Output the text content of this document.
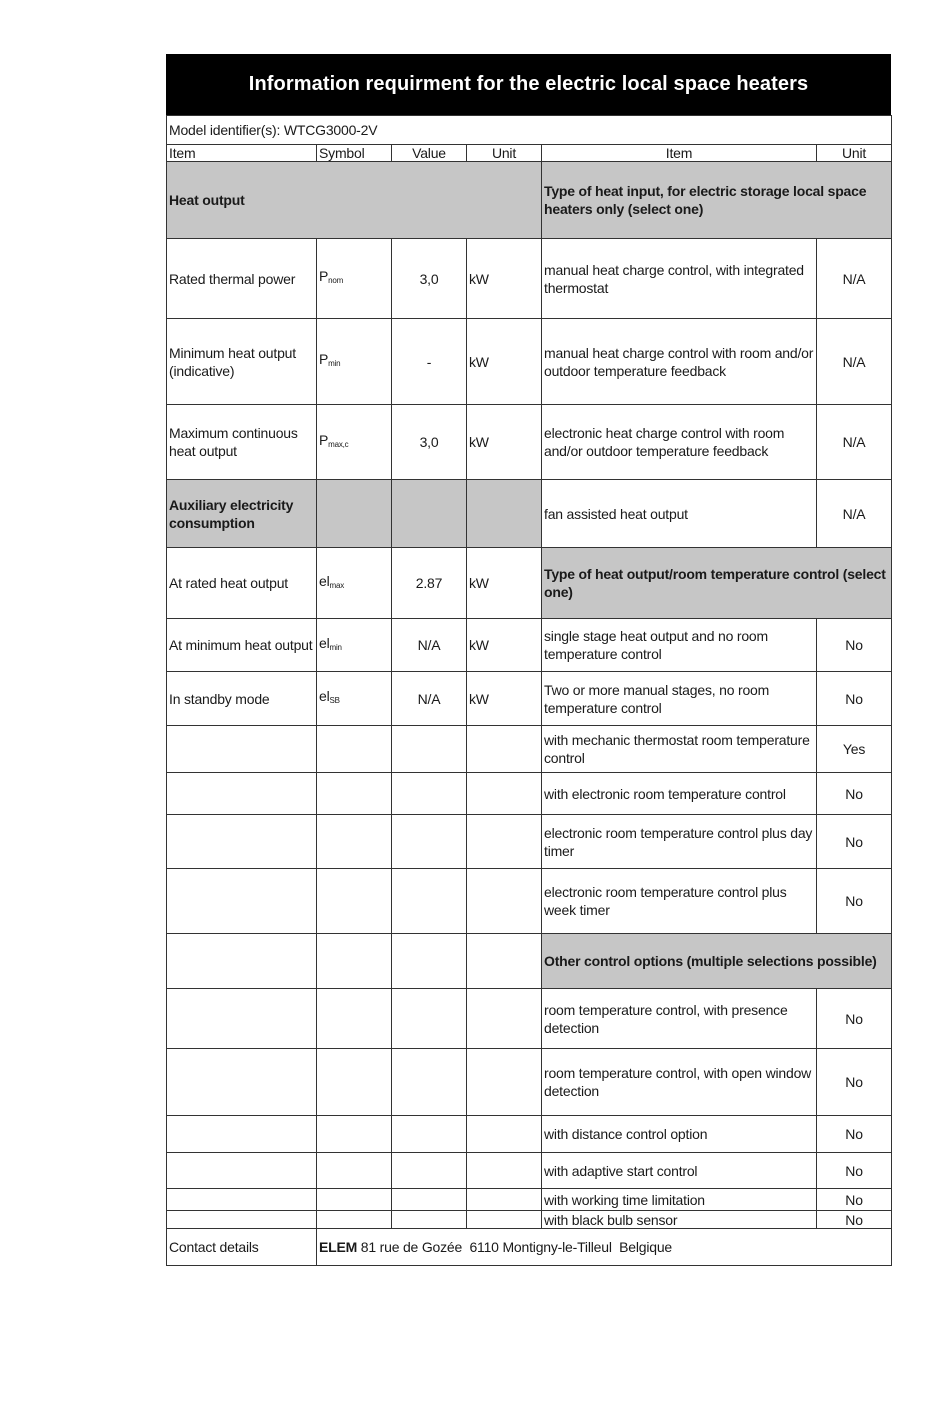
Information requirment for the electric local space heaters
Model identifier(s): WTCG3000-2V					
Item	Symbol	Value	Unit	Item	Unit
Heat output				Type of heat input, for electric storage local space heaters only (select one)	
Rated thermal power	$P_{nom}$	3,0	kW	manual heat charge control, with integrated thermostat	N/A
Minimum heat output (indicative)	$P_{min}$	-	kW	manual heat charge control with room and/or outdoor temperature feedback	N/A
Maximum continuous heat output	$P_{max,c}$	3,0	kW	electronic heat charge control with room and/or outdoor temperature feedback	N/A
Auxiliary electricity consumption				fan assisted heat output	N/A
At rated heat output	$el_{max}$	2.87	kW	Type of heat output/room temperature control (select one)	
At minimum heat output	$el_{min}$	N/A	kW	single stage heat output and no room temperature control	No
In standby mode	$el_{SB}$	N/A	kW	Two or more manual stages, no room temperature control	No
				with mechanic thermostat room temperature control	Yes
				with electronic room temperature control	No
				electronic room temperature control plus day timer	No
				electronic room temperature control plus week timer	No
				Other control options (multiple selections possible)	
				room temperature control, with presence detection	No
				room temperature control, with open window detection	No
				with distance control option	No
				with adaptive start control	No
				with working time limitation	No
				with black bulb sensor	No
Contact details	ELEM 81 rue de Gozée  6110 Montigny-le-Tilleul  Belgique				
